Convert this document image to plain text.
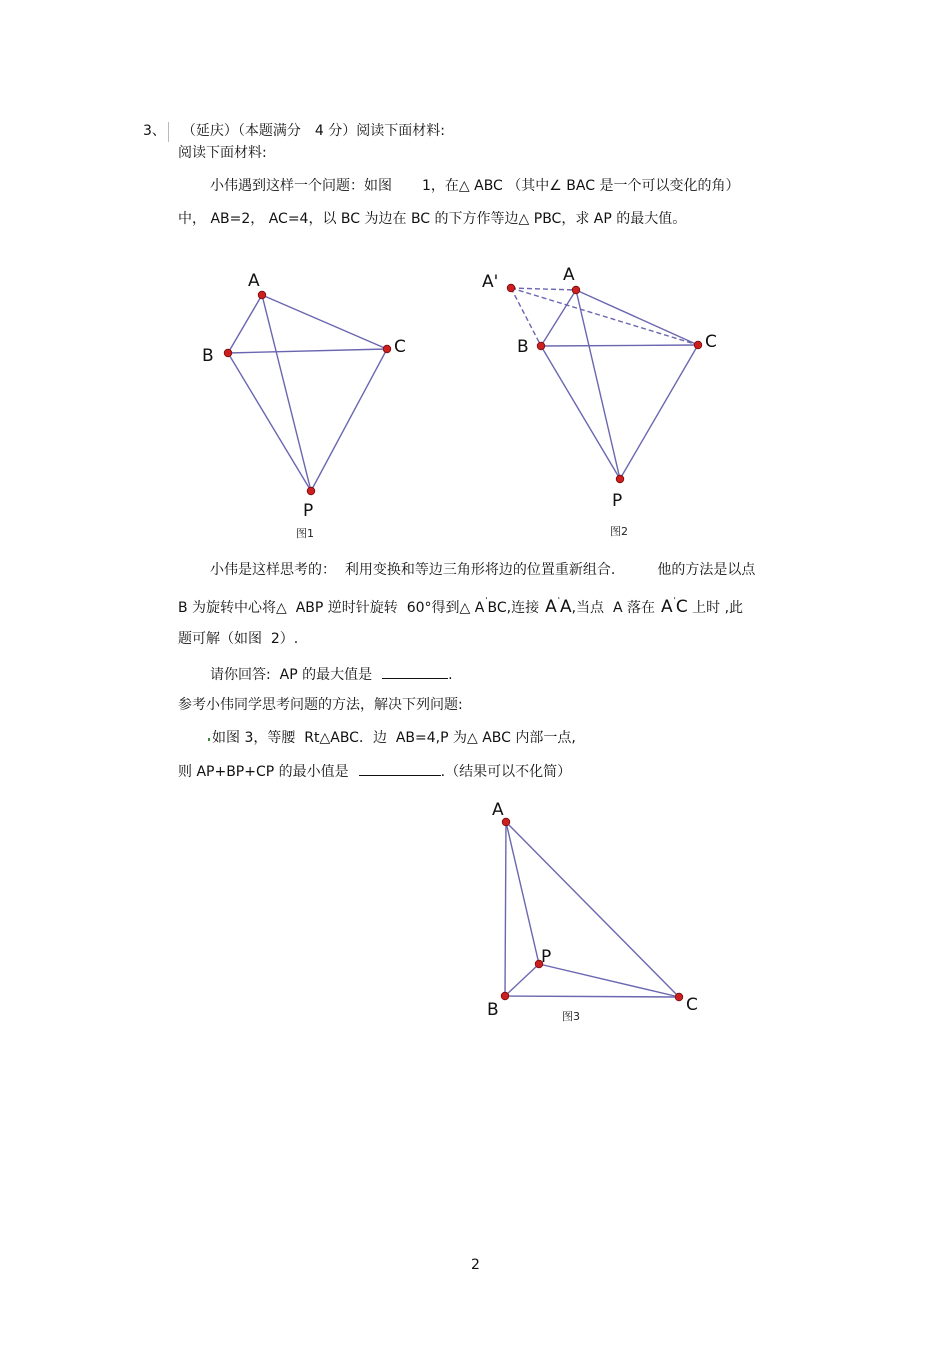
3、 （延庆）（本题满分 4 分）阅读下面材料:
阅读下面材料:
小伟遇到这样一个问题：如图 1，在△ ABC （其中∠ BAC 是一个可以变化的角）
中， AB=2， AC=4，以 BC 为边在 BC 的下方作等边△ PBC，求 AP 的最大值。
A
B	C
P
图1
A'	A
B	C
P
图2
A
B	C
P
图3
小伟是这样思考的：  利用变换和等边三角形将边的位置重新组合.	他的方法是以点
B 为旋转中心将△  ABP 逆时针旋转  60°得到△ A'BC,连接 A'A,当点  A 落在 A'C 上时 ,此
题可解（如图  2）.
请你回答:  AP 的最大值是	.
参考小伟同学思考问题的方法，解决下列问题:
如图 3，等腰  Rt△ABC．边  AB=4,P 为△ ABC 内部一点,
则 AP+BP+CP 的最小值是	.（结果可以不化简）
2
